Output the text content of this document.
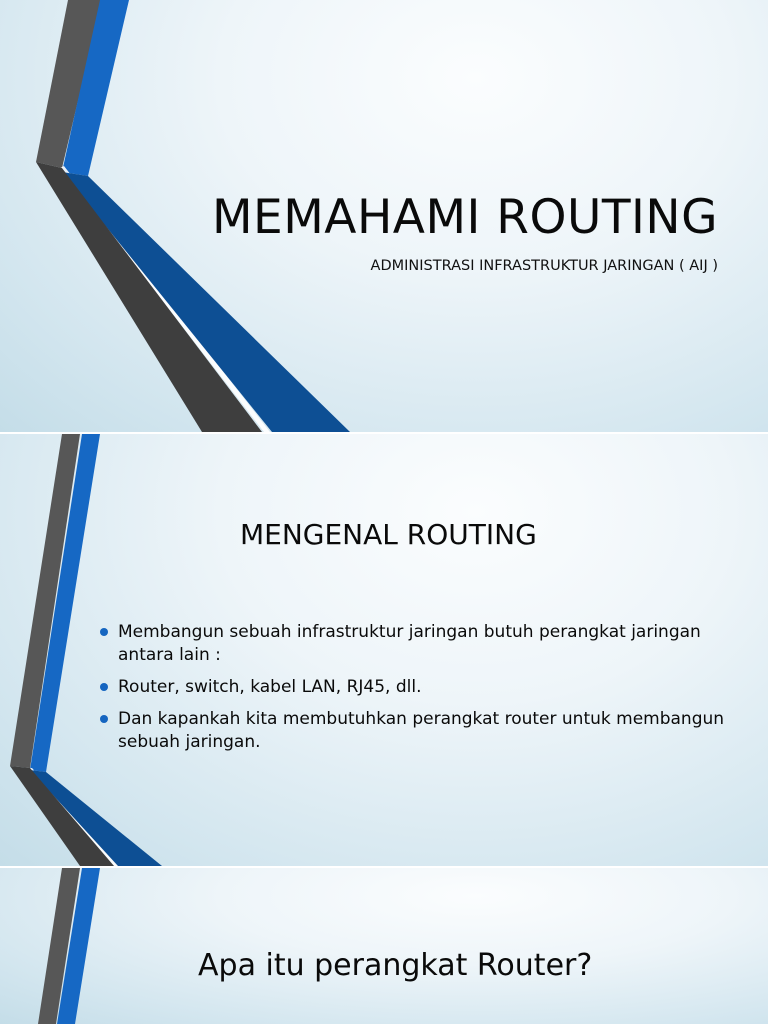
MEMAHAMI ROUTING
ADMINISTRASI INFRASTRUKTUR JARINGAN ( AIJ )
MENGENAL ROUTING
Membangun sebuah infrastruktur jaringan butuh perangkat jaringan antara lain :
Router, switch, kabel LAN, RJ45, dll.
Dan kapankah kita membutuhkan perangkat router untuk membangun sebuah jaringan.
Apa itu perangkat Router?
